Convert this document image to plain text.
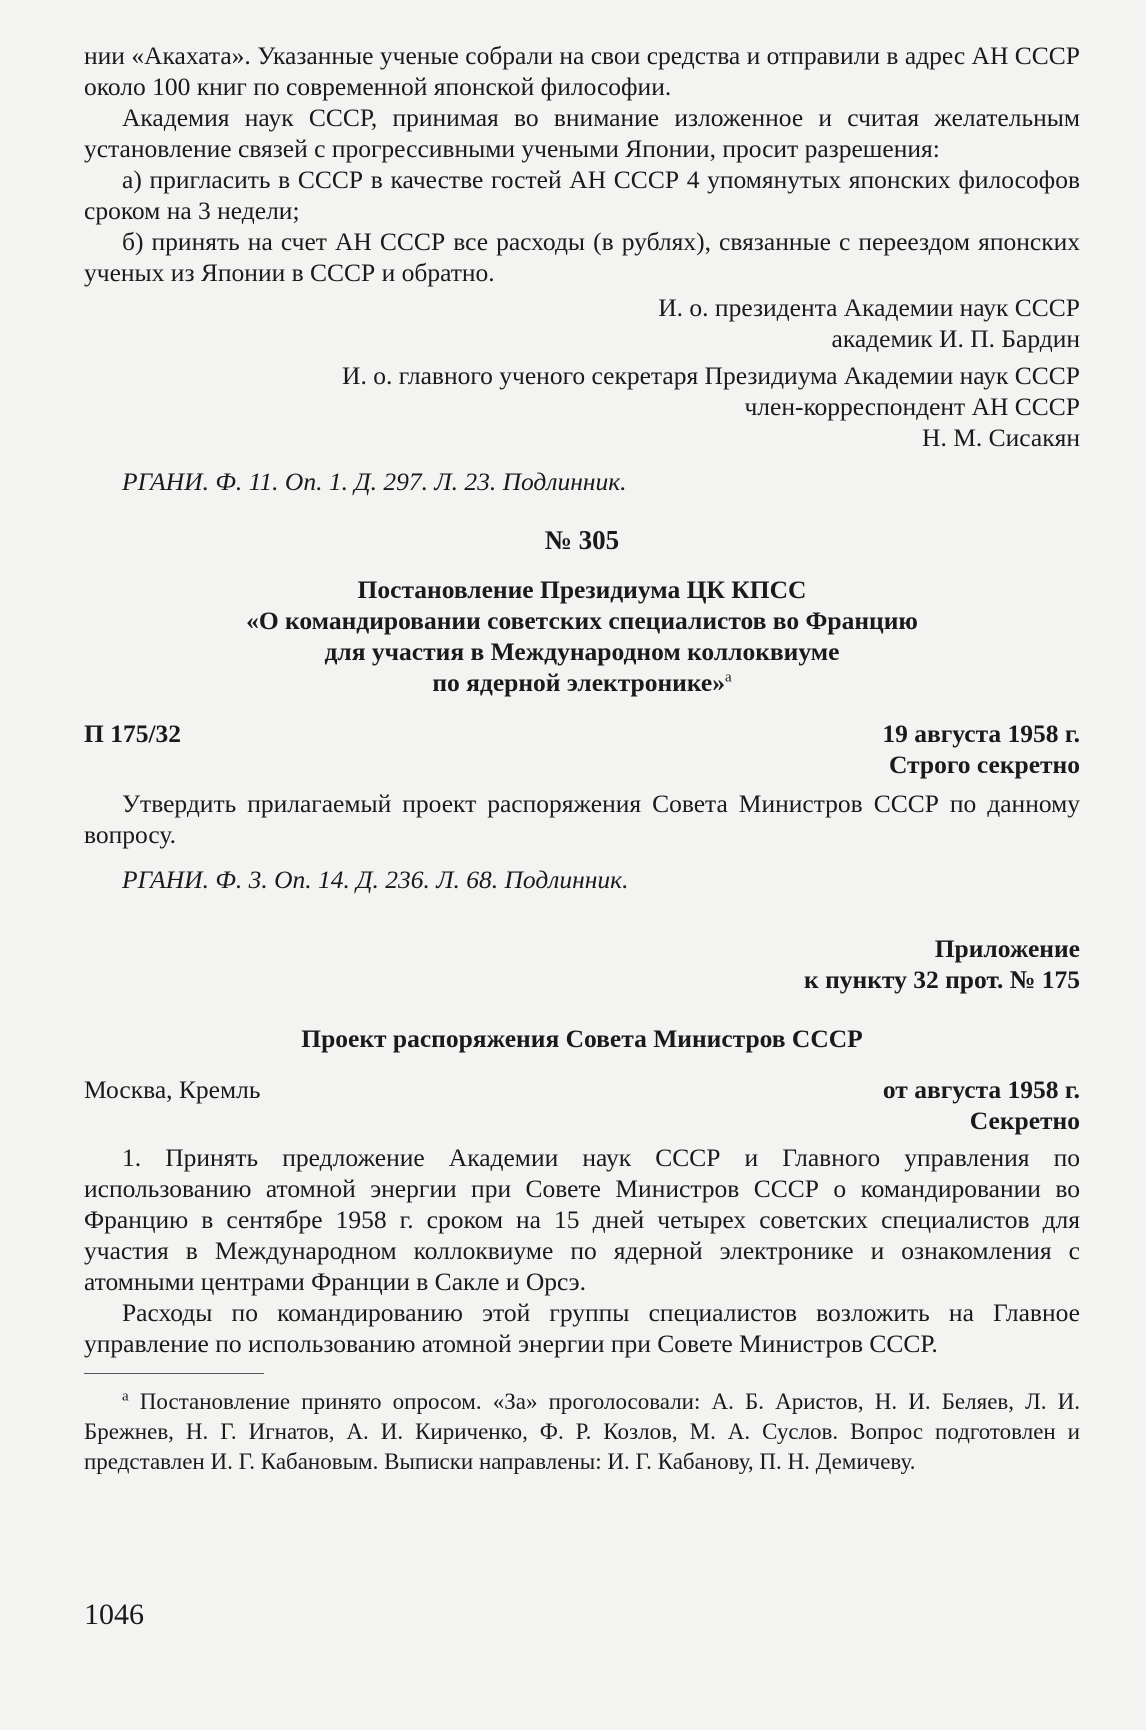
нии «Акахата». Указанные ученые собрали на свои средства и отправили в адрес АН СССР около 100 книг по современной японской философии.

Академия наук СССР, принимая во внимание изложенное и считая желательным установление связей с прогрессивными учеными Японии, просит разрешения:

а) пригласить в СССР в качестве гостей АН СССР 4 упомянутых японских философов сроком на 3 недели;

б) принять на счет АН СССР все расходы (в рублях), связанные с переездом японских ученых из Японии в СССР и обратно.

И. о. президента Академии наук СССР

академик И. П. Бардин

И. о. главного ученого секретаря Президиума Академии наук СССР

член-корреспондент АН СССР

Н. М. Сисакян

РГАНИ. Ф. 11. Оп. 1. Д. 297. Л. 23. Подлинник.

№ 305

Постановление Президиума ЦК КПСС
«О командировании советских специалистов во Францию
для участия в Международном коллоквиуме
по ядерной электронике»$^а$
П 175/32	19 августа 1958 г.

Строго секретно

Утвердить прилагаемый проект распоряжения Совета Министров СССР по данному вопросу.

РГАНИ. Ф. 3. Оп. 14. Д. 236. Л. 68. Подлинник.

Приложение

к пункту 32 прот. № 175

Проект распоряжения Совета Министров СССР

Москва, Кремль	от августа 1958 г.

Секретно

1. Принять предложение Академии наук СССР и Главного управления по использованию атомной энергии при Совете Министров СССР о командировании во Францию в сентябре 1958 г. сроком на 15 дней четырех советских специалистов для участия в Международном коллоквиуме по ядерной электронике и ознакомления с атомными центрами Франции в Сакле и Орсэ.

Расходы по командированию этой группы специалистов возложить на Главное управление по использованию атомной энергии при Совете Министров СССР.

$^а$ Постановление принято опросом. «За» проголосовали: А. Б. Аристов, Н. И. Беляев, Л. И. Брежнев, Н. Г. Игнатов, А. И. Кириченко, Ф. Р. Козлов, М. А. Суслов. Вопрос подготовлен и представлен И. Г. Кабановым. Выписки направлены: И. Г. Кабанову, П. Н. Демичеву.
1046
